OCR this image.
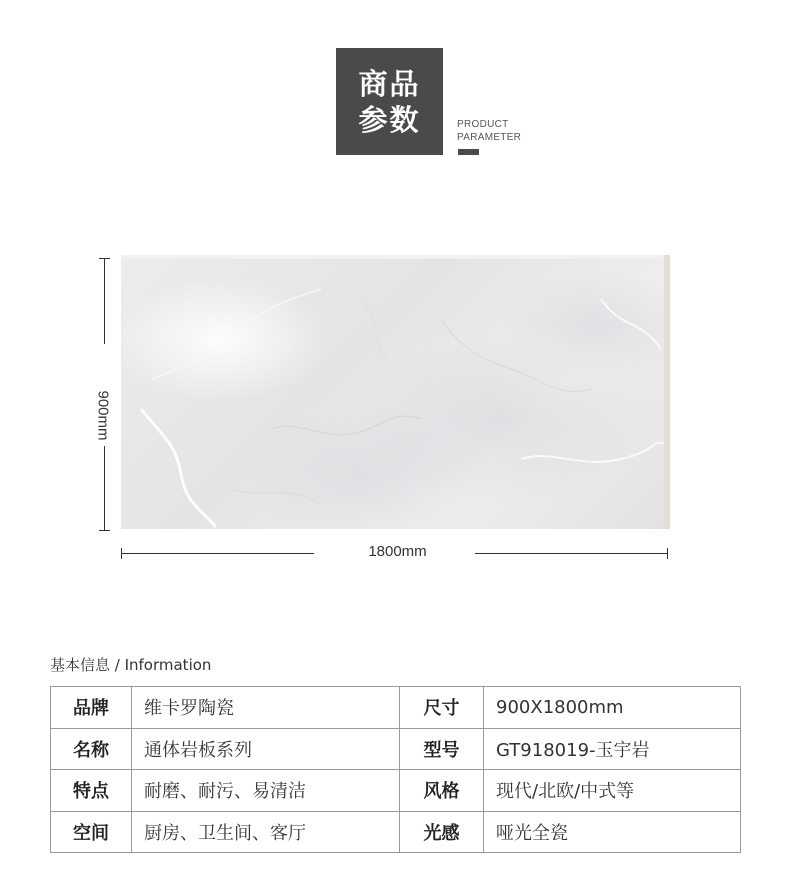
商品
参数	PRODUCT
PARAMETER
900mm
1800mm
基本信息 / Information
品牌	维卡罗陶瓷	尺寸	900X1800mm
名称	通体岩板系列	型号	GT918019-玉宇岩
特点	耐磨、耐污、易清洁	风格	现代/北欧/中式等
空间	厨房、卫生间、客厅	光感	哑光全瓷
